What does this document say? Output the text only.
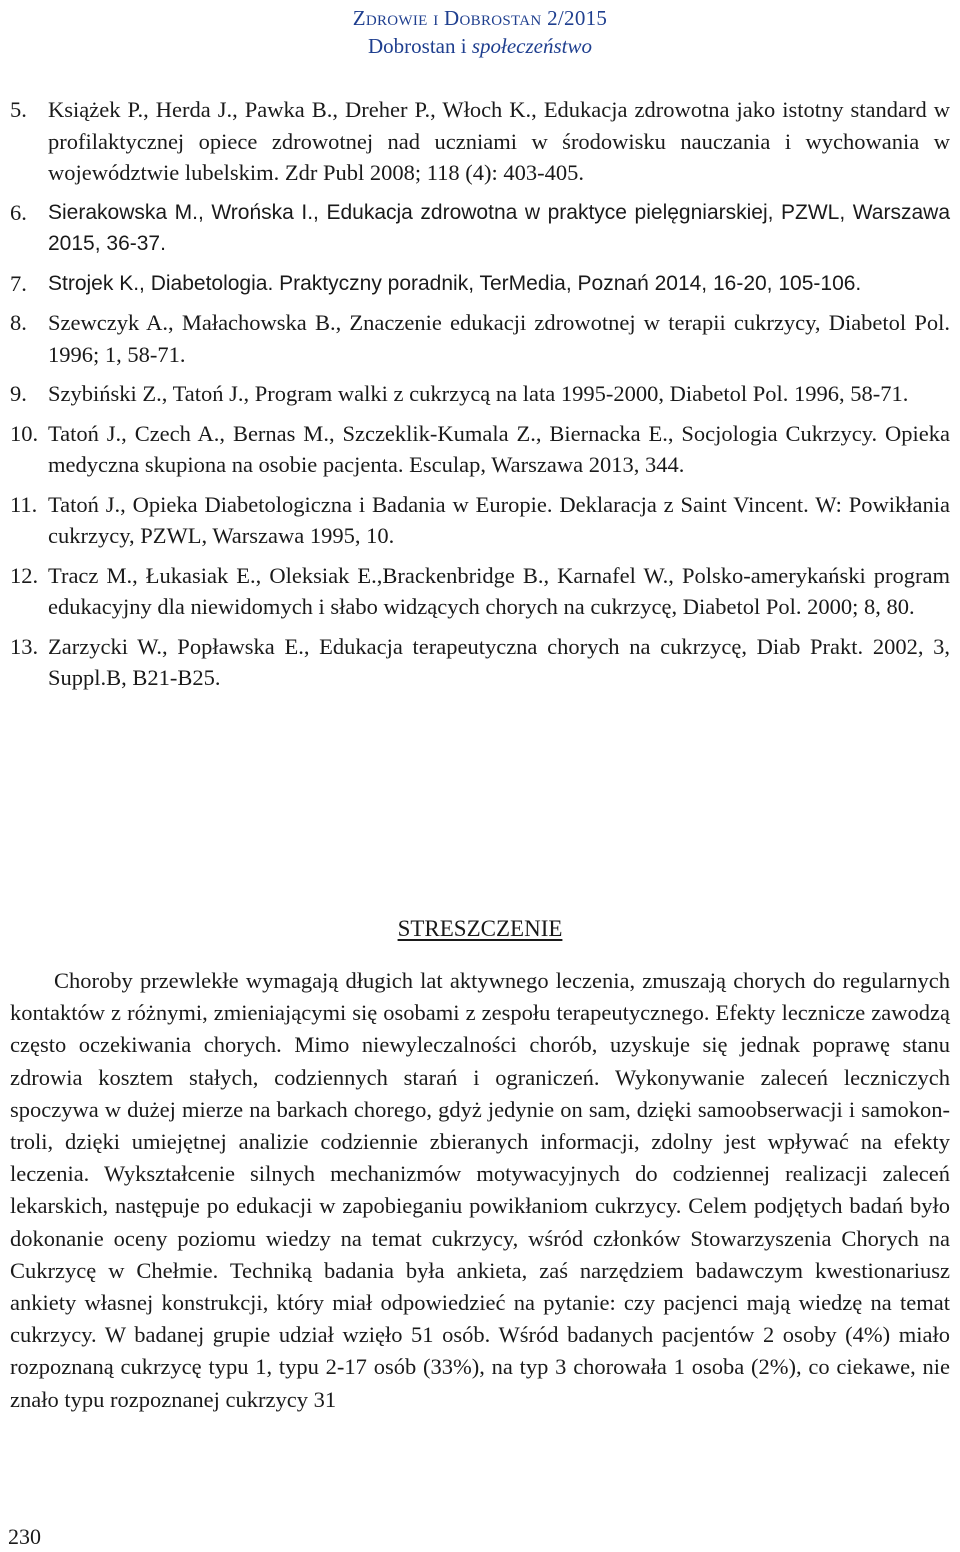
Zdrowie i Dobrostan 2/2015
Dobrostan i społeczeństwo
5. Książek P., Herda J., Pawka B., Dreher P., Włoch K., Edukacja zdrowotna jako istotny standard w profilaktycznej opiece zdrowotnej nad uczniami w środowisku nauczania i wychowania w województwie lubelskim. Zdr Publ 2008; 118 (4): 403-405.
6.	Sierakowska M., Wrońska I., Edukacja zdrowotna w praktyce pielęgniarskiej, PZWL, Warszawa 2015, 36-37.
7.	Strojek K., Diabetologia. Praktyczny poradnik, TerMedia, Poznań 2014, 16-20, 105-106.
8. Szewczyk A., Małachowska B., Znaczenie edukacji zdrowotnej w terapii cukrzycy, Diabetol Pol. 1996; 1, 58-71.
9. Szybiński Z., Tatoń J., Program walki z cukrzycą na lata 1995-2000, Diabetol Pol. 1996, 58-71.
10. Tatoń J., Czech A., Bernas M., Szczeklik-Kumala Z., Biernacka E., Socjologia Cukrzycy. Opieka medyczna skupiona na osobie pacjenta. Esculap, Warszawa 2013, 344.
11. Tatoń J., Opieka Diabetologiczna i Badania w Europie. Deklaracja z Saint Vincent. W: Powikłania cukrzycy, PZWL, Warszawa 1995, 10.
12. Tracz M., Łukasiak E., Oleksiak E.,Brackenbridge B., Karnafel W., Polsko-amerykański program edukacyjny dla niewidomych i słabo widzących chorych na cukrzycę, Diabetol Pol. 2000; 8, 80.
13. Zarzycki W., Popławska E., Edukacja terapeutyczna chorych na cukrzycę, Diab Prakt. 2002, 3, Suppl.B, B21-B25.
STRESZCZENIE

Choroby przewlekłe wymagają długich lat aktywnego leczenia, zmuszają chorych do regularnych kontaktów z różnymi, zmieniającymi się osobami z zespołu terapeutycznego. Efekty lecznicze zawodzą często oczekiwania chorych. Mimo niewyleczalności chorób, uzyskuje się jednak poprawę stanu zdrowia kosztem stałych, codziennych starań i ograniczeń. Wykonywanie zaleceń leczniczych spoczywa w dużej mierze na barkach chorego, gdyż jedynie on sam, dzięki samoobserwacji i samokontroli, dzięki umiejętnej analizie codziennie zbieranych informacji, zdolny jest wpływać na efekty leczenia. Wykształcenie silnych mechanizmów motywacyjnych do codziennej realizacji zaleceń lekarskich, następuje po edukacji w zapobieganiu powikłaniom cukrzycy. Celem podjętych badań było dokonanie oceny poziomu wiedzy na temat cukrzycy, wśród członków Stowarzyszenia Chorych na Cukrzycę w Chełmie. Techniką badania była ankieta, zaś narzędziem badawczym kwestionariusz ankiety własnej konstrukcji, który miał odpowiedzieć na pytanie: czy pacjenci mają wiedzę na temat cukrzycy. W badanej grupie udział wzięło 51 osób. Wśród badanych pacjentów 2 osoby (4%) miało rozpoznaną cukrzycę typu 1, typu 2-17 osób (33%), na typ 3 chorowała 1 osoba (2%), co ciekawe, nie znało typu rozpoznanej cukrzycy 31

230
